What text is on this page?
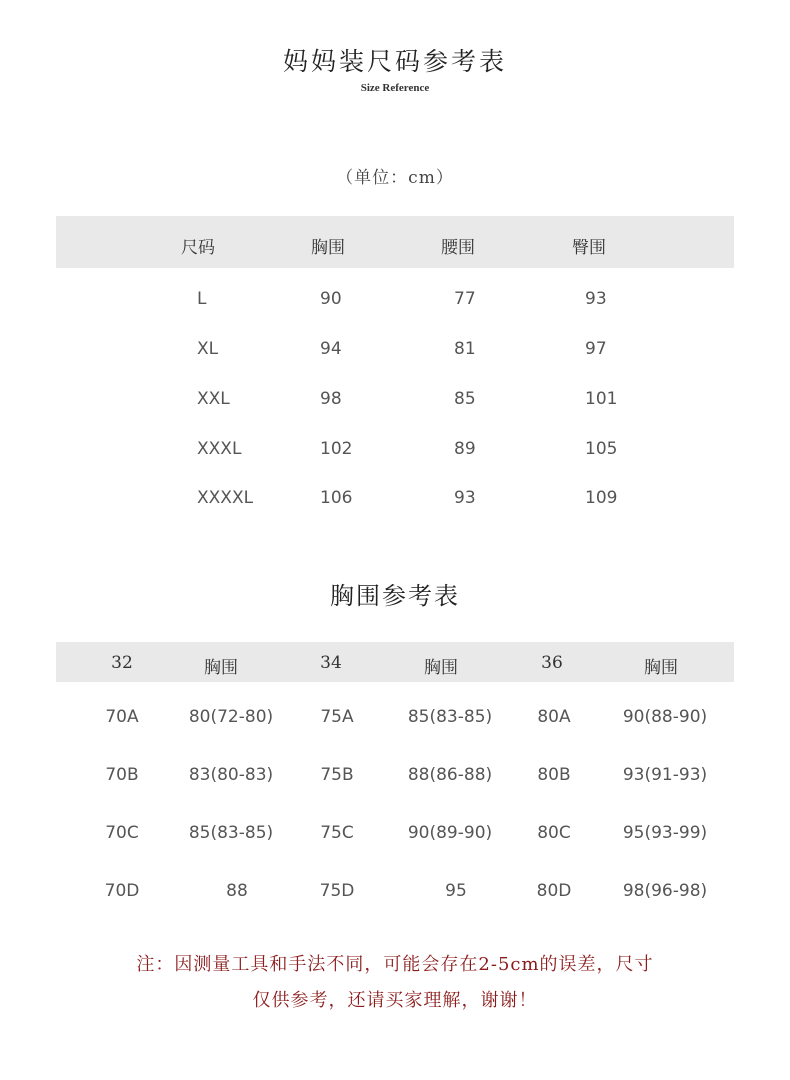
妈妈装尺码参考表
Size Reference
（单位：cm）
尺码	胸围	腰围	臀围
L	90	77	93
XL	94	81	97
XXL	98	85	101
XXXL	102	89	105
XXXXL	106	93	109
胸围参考表
32	胸围	34	胸围	36	胸围
70A	80(72-80)	75A	85(83-85)	80A	90(88-90)
70B	83(80-83)	75B	88(86-88)	80B	93(91-93)
70C	85(83-85)	75C	90(89-90)	80C	95(93-99)
70D	88	75D	95	80D	98(96-98)
注：因测量工具和手法不同，可能会存在2-5cm的误差，尺寸
仅供参考，还请买家理解，谢谢！
